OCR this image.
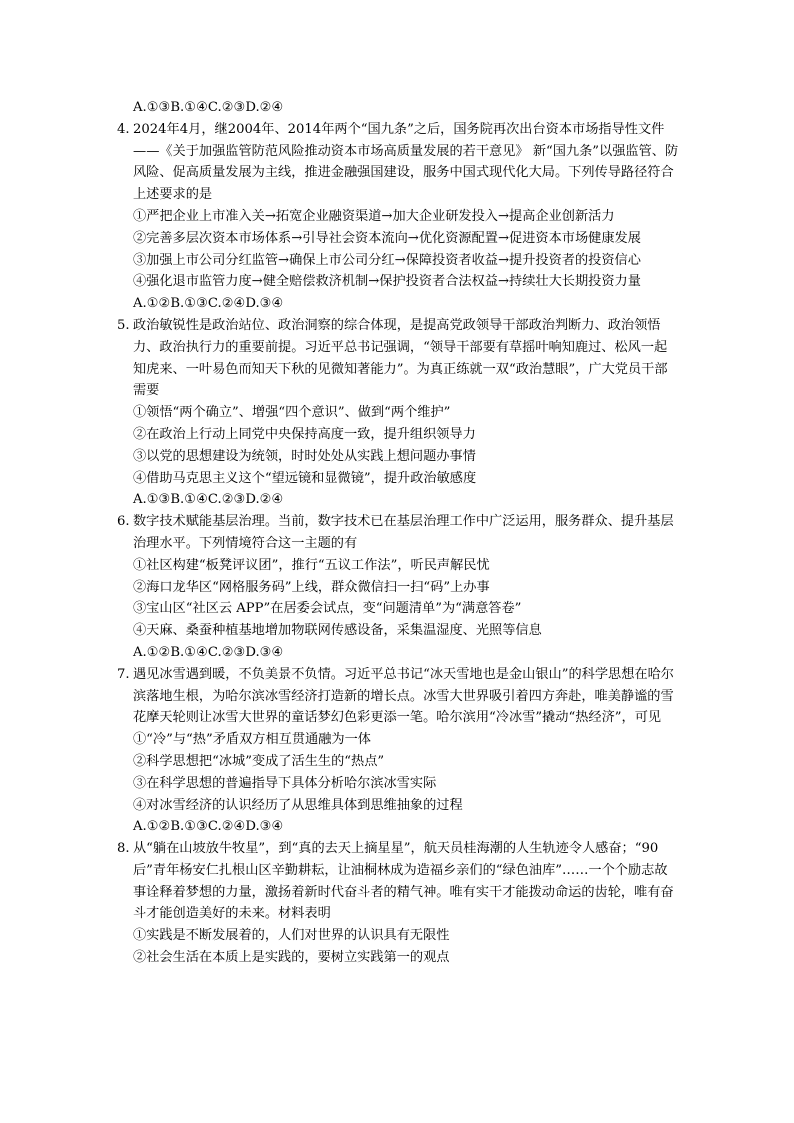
A.①③B.①④C.②③D.②④

4. 2024年4月，继2004年、2014年两个“国九条”之后，国务院再次出台资本市场指导性文件——《关于加强监管防范风险推动资本市场高质量发展的若干意见》 新“国九条”以强监管、防风险、促高质量发展为主线，推进金融强国建设，服务中国式现代化大局。下列传导路径符合上述要求的是

①严把企业上市准入关→拓宽企业融资渠道→加大企业研发投入→提高企业创新活力

②完善多层次资本市场体系→引导社会资本流向→优化资源配置→促进资本市场健康发展

③加强上市公司分红监管→确保上市公司分红→保障投资者收益→提升投资者的投资信心

④强化退市监管力度→健全赔偿救济机制→保护投资者合法权益→持续壮大长期投资力量

A.①②B.①③C.②④D.③④

5. 政治敏锐性是政治站位、政治洞察的综合体现，是提高党政领导干部政治判断力、政治领悟力、政治执行力的重要前提。习近平总书记强调，“领导干部要有草摇叶响知鹿过、松风一起知虎来、一叶易色而知天下秋的见微知著能力”。为真正练就一双“政治慧眼”，广大党员干部需要

①领悟“两个确立”、增强“四个意识”、做到“两个维护”

②在政治上行动上同党中央保持高度一致，提升组织领导力

③以党的思想建设为统领，时时处处从实践上想问题办事情

④借助马克思主义这个“望远镜和显微镜”，提升政治敏感度

A.①③B.①④C.②③D.②④

6. 数字技术赋能基层治理。当前，数字技术已在基层治理工作中广泛运用，服务群众、提升基层治理水平。下列情境符合这一主题的有

①社区构建“板凳评议团”，推行“五议工作法”，听民声解民忧

②海口龙华区“网格服务码”上线，群众微信扫一扫“码”上办事

③宝山区“社区云 APP”在居委会试点，变“问题清单”为“满意答卷”

④天麻、桑蚕种植基地增加物联网传感设备，采集温湿度、光照等信息

A.①②B.①④C.②③D.③④

7. 遇见冰雪遇到暖，不负美景不负情。习近平总书记“冰天雪地也是金山银山”的科学思想在哈尔滨落地生根，为哈尔滨冰雪经济打造新的增长点。冰雪大世界吸引着四方奔赴，唯美静谧的雪花摩天轮则让冰雪大世界的童话梦幻色彩更添一笔。哈尔滨用“冷冰雪”撬动“热经济”，可见

①“冷”与“热”矛盾双方相互贯通融为一体

②科学思想把“冰城”变成了活生生的“热点”

③在科学思想的普遍指导下具体分析哈尔滨冰雪实际

④对冰雪经济的认识经历了从思维具体到思维抽象的过程

A.①②B.①③C.②④D.③④

8. 从“躺在山坡放牛牧星”，到“真的去天上摘星星”，航天员桂海潮的人生轨迹令人感奋；“90后”青年杨安仁扎根山区辛勤耕耘，让油桐林成为造福乡亲们的“绿色油库”……一个个励志故事诠释着梦想的力量，激扬着新时代奋斗者的精气神。唯有实干才能拨动命运的齿轮，唯有奋斗才能创造美好的未来。材料表明

①实践是不断发展着的，人们对世界的认识具有无限性

②社会生活在本质上是实践的，要树立实践第一的观点
